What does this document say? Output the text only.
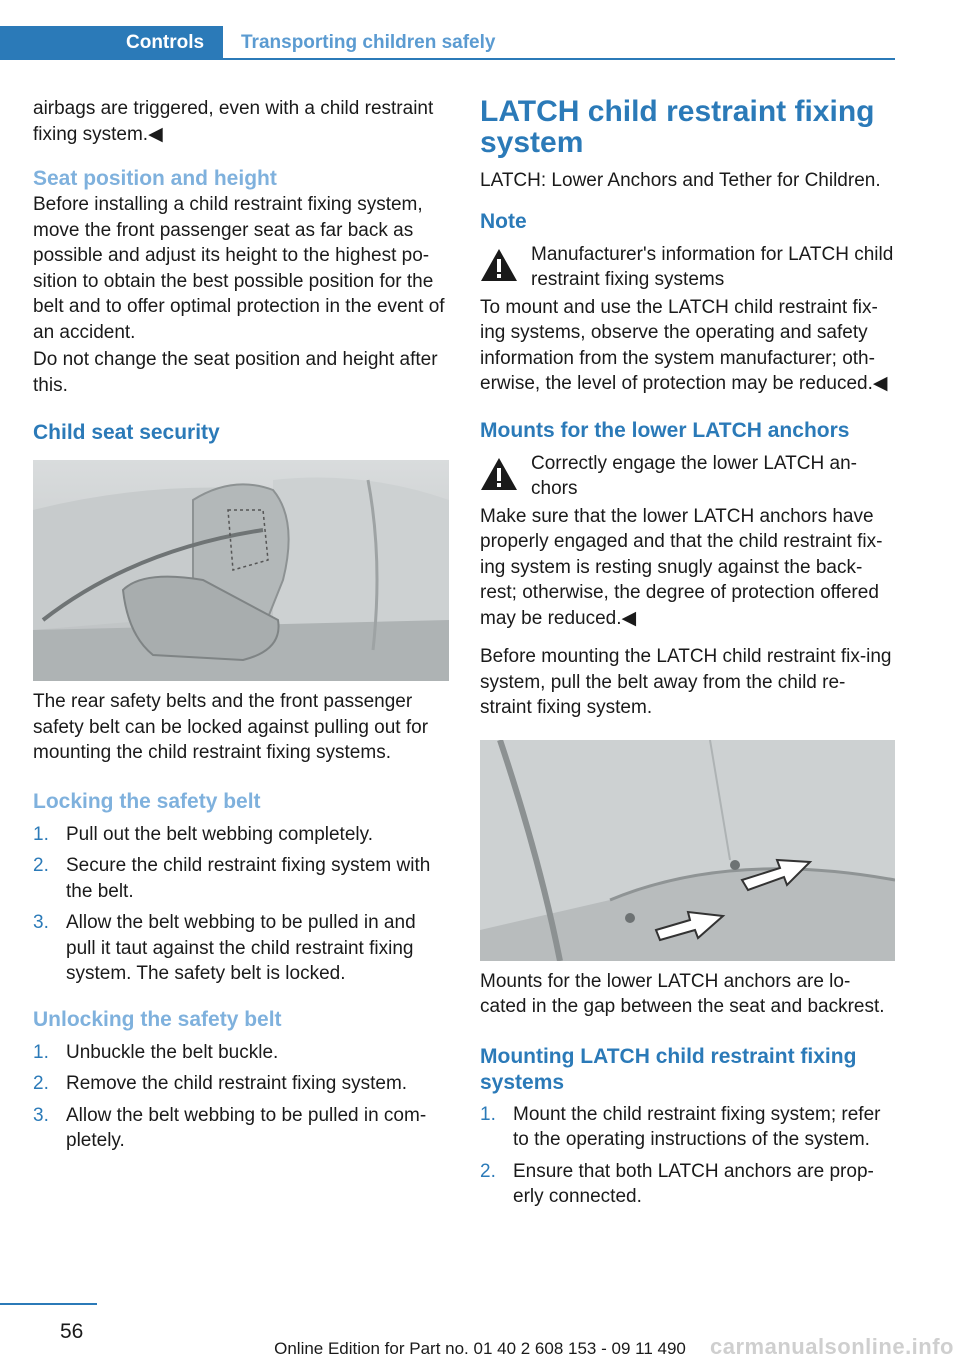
Controls	Transporting children safely

airbags are triggered, even with a child restraint fixing system.◀

Seat position and height

Before installing a child restraint fixing system, move the front passenger seat as far back as possible and adjust its height to the highest po-sition to obtain the best possible position for the belt and to offer optimal protection in the event of an accident.

Do not change the seat position and height after this.

Child seat security

The rear safety belts and the front passenger safety belt can be locked against pulling out for mounting the child restraint fixing systems.

Locking the safety belt
1. Pull out the belt webbing completely.
2. Secure the child restraint fixing system with the belt.
3. Allow the belt webbing to be pulled in and pull it taut against the child restraint fixing system. The safety belt is locked.
Unlocking the safety belt
1. Unbuckle the belt buckle.
2. Remove the child restraint fixing system.
3. Allow the belt webbing to be pulled in com-pletely.
LATCH child restraint fixing system

LATCH: Lower Anchors and Tether for Children.

Note

Manufacturer's information for LATCH child restraint fixing systems

To mount and use the LATCH child restraint fix-ing systems, observe the operating and safety information from the system manufacturer; oth-erwise, the level of protection may be reduced.◀

Mounts for the lower LATCH anchors

Correctly engage the lower LATCH an-chors

Make sure that the lower LATCH anchors have properly engaged and that the child restraint fix-ing system is resting snugly against the back-rest; otherwise, the degree of protection offered may be reduced.◀

Before mounting the LATCH child restraint fix-ing system, pull the belt away from the child re-straint fixing system.

Mounts for the lower LATCH anchors are lo-cated in the gap between the seat and backrest.

Mounting LATCH child restraint fixing systems
1. Mount the child restraint fixing system; refer to the operating instructions of the system.
2. Ensure that both LATCH anchors are prop-erly connected.
56
Online Edition for Part no. 01 40 2 608 153 - 09 11 490	carmanualsonline.info
